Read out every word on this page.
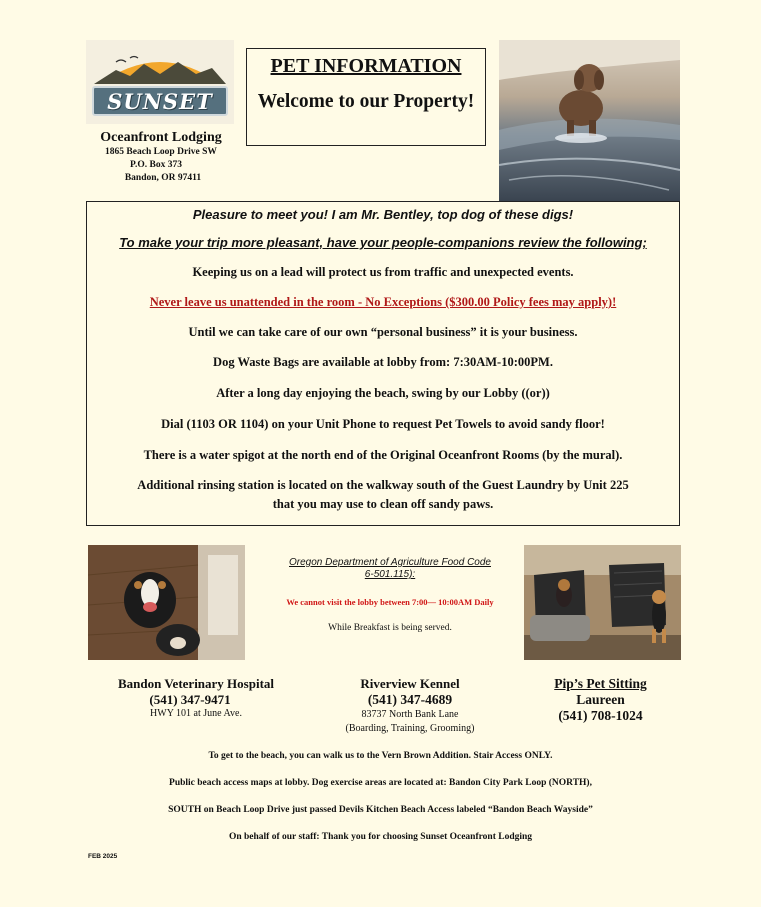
SUNSET
Oceanfront Lodging
1865 Beach Loop Drive SW
P.O. Box 373
Bandon, OR 97411
PET INFORMATION
Welcome to our Property!
Pleasure to meet you! I am Mr. Bentley, top dog of these digs!
To make your trip more pleasant, have your people-companions review the following;
Keeping us on a lead will protect us from traffic and unexpected events.
Never leave us unattended in the room - No Exceptions ($300.00 Policy fees may apply)!
Until we can take care of our own “personal business” it is your business.
Dog Waste Bags are available at lobby from: 7:30AM-10:00PM.
After a long day enjoying the beach, swing by our Lobby ((or))
Dial (1103 OR 1104) on your Unit Phone to request Pet Towels to avoid sandy floor!
There is a water spigot at the north end of the Original Oceanfront Rooms (by the mural).
Additional rinsing station is located on the walkway south of the Guest Laundry by Unit 225
that you may use to clean off sandy paws.
Oregon Department of Agriculture Food Code
6-501.115):
We cannot visit the lobby between 7:00— 10:00AM Daily
While Breakfast is being served.
Bandon Veterinary Hospital
(541) 347-9471
HWY 101 at June Ave.
Riverview Kennel
(541) 347-4689
83737 North Bank Lane
(Boarding, Training, Grooming)
Pip’s Pet Sitting
Laureen
(541) 708-1024
To get to the beach, you can walk us to the Vern Brown Addition. Stair Access ONLY.
Public beach access maps at lobby. Dog exercise areas are located at: Bandon City Park Loop (NORTH),
SOUTH on Beach Loop Drive just passed Devils Kitchen Beach Access labeled “Bandon Beach Wayside”
On behalf of our staff: Thank you for choosing Sunset Oceanfront Lodging
FEB 2025
